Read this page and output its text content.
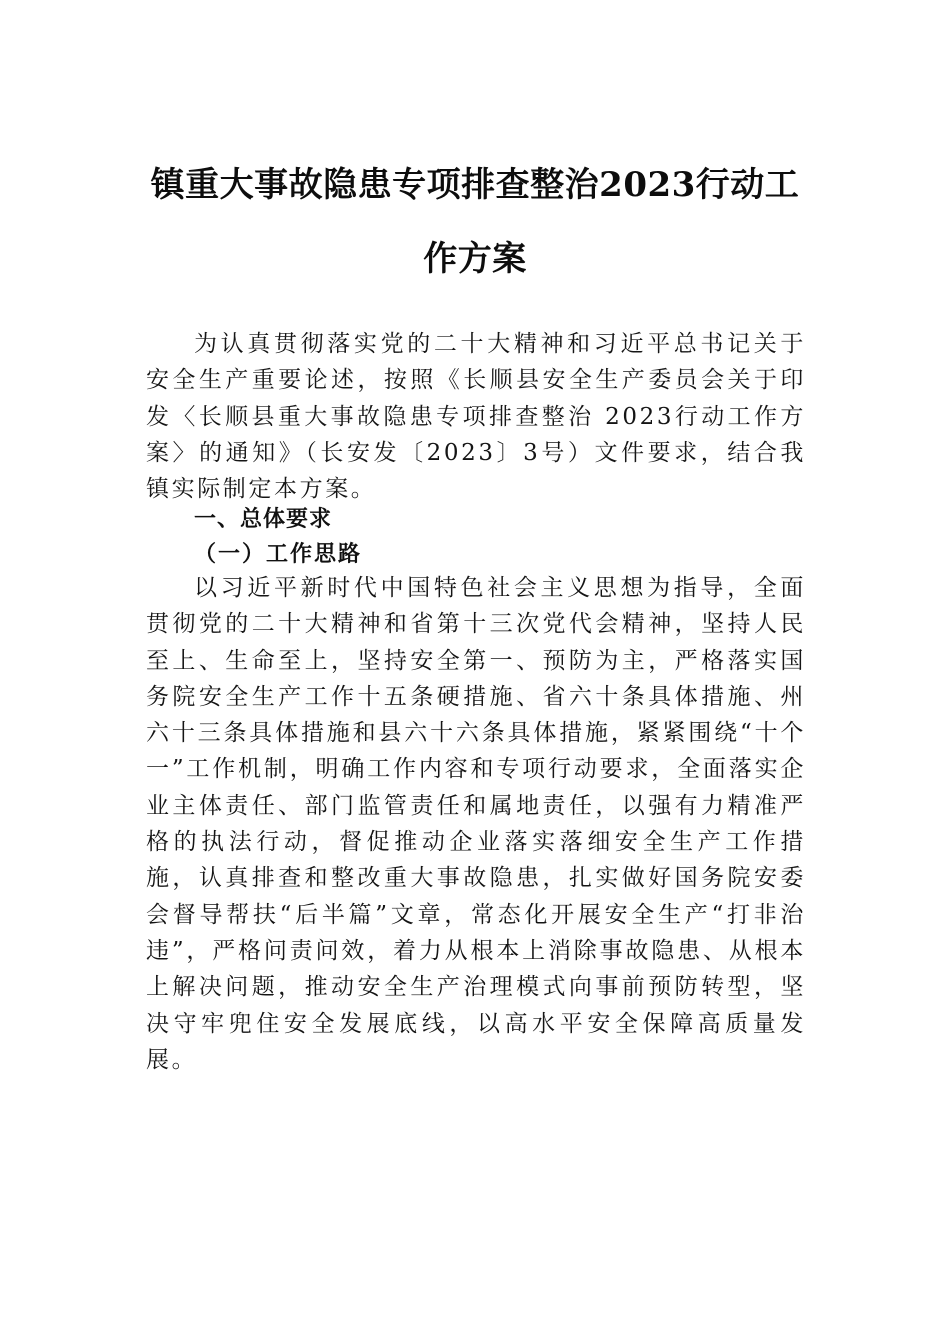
镇重大事故隐患专项排查整治2023行动工作方案

为认真贯彻落实党的二十大精神和习近平总书记关于安全生产重要论述，按照《长顺县安全生产委员会关于印发〈长顺县重大事故隐患专项排查整治 2023行动工作方案〉的通知》（长安发〔2023〕3号）文件要求，结合我镇实际制定本方案。

一、总体要求
（一）工作思路

以习近平新时代中国特色社会主义思想为指导，全面贯彻党的二十大精神和省第十三次党代会精神，坚持人民至上、生命至上，坚持安全第一、预防为主，严格落实国务院安全生产工作十五条硬措施、省六十条具体措施、州六十三条具体措施和县六十六条具体措施，紧紧围绕“十个一”工作机制，明确工作内容和专项行动要求，全面落实企业主体责任、部门监管责任和属地责任，以强有力精准严格的执法行动，督促推动企业落实落细安全生产工作措施，认真排查和整改重大事故隐患，扎实做好国务院安委会督导帮扶“后半篇”文章，常态化开展安全生产“打非治违”，严格问责问效，着力从根本上消除事故隐患、从根本上解决问题，推动安全生产治理模式向事前预防转型，坚决守牢兜住安全发展底线，以高水平安全保障高质量发展。
